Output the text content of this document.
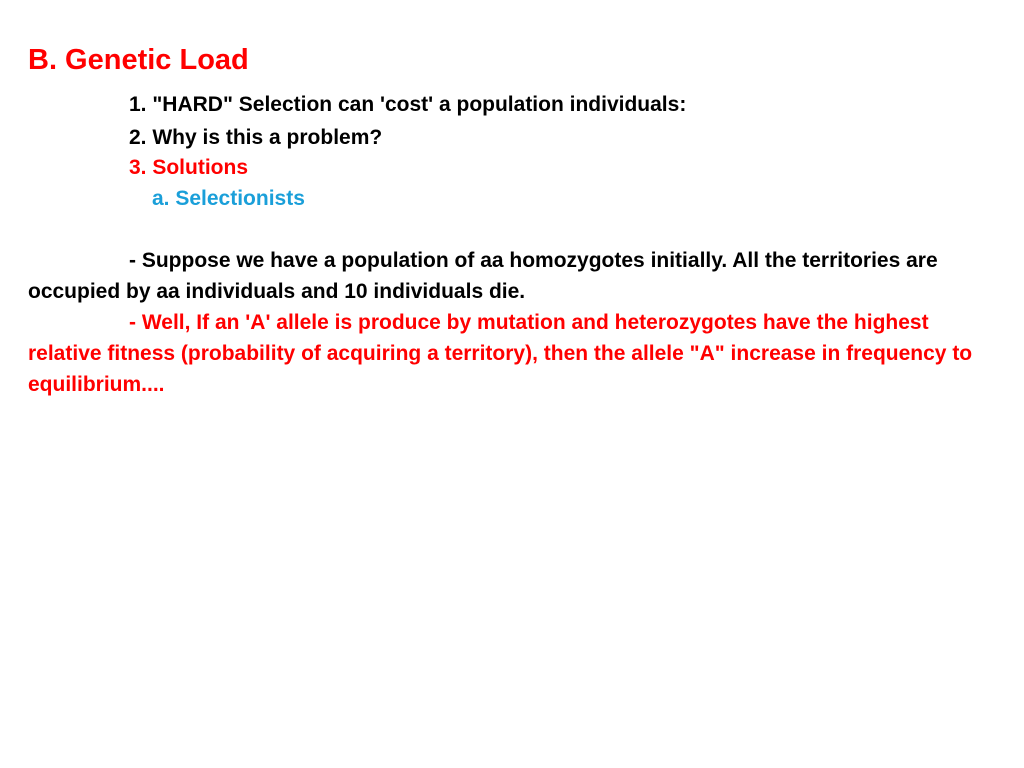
B. Genetic Load

1. "HARD" Selection can 'cost' a population individuals:

2. Why is this a problem?

3. Solutions

a. Selectionists

- Suppose we have a population of aa homozygotes initially. All the territories are occupied by aa individuals and 10 individuals die.

- Well, If an 'A' allele is produce by mutation and heterozygotes have the highest relative fitness (probability of acquiring a territory), then the allele "A" increase in frequency to equilibrium....
